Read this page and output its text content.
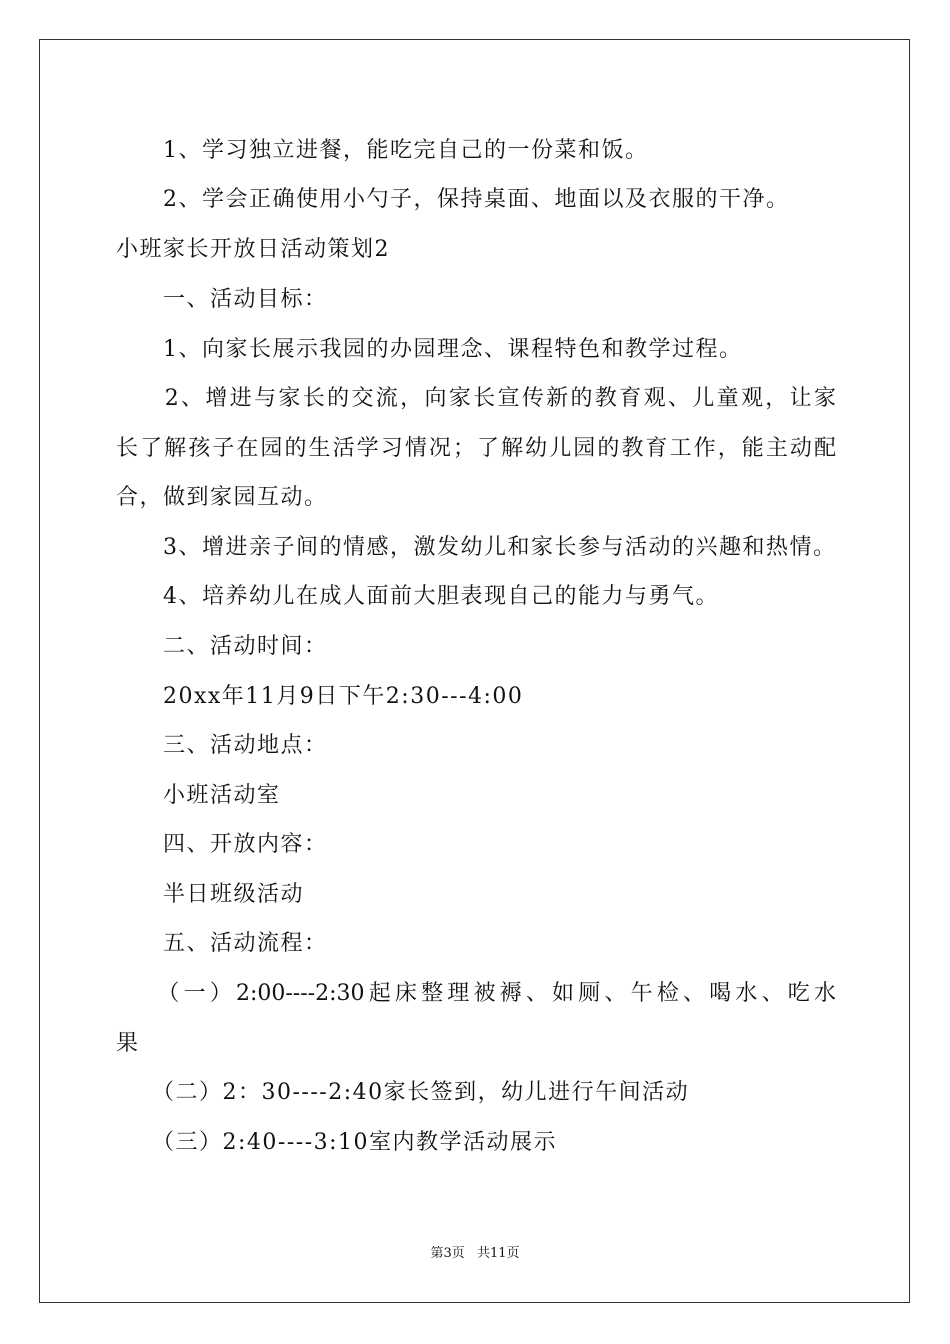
　　1、学习独立进餐，能吃完自己的一份菜和饭。
　　2、学会正确使用小勺子，保持桌面、地面以及衣服的干净。
小班家长开放日活动策划2
　　一、活动目标：
　　1、向家长展示我园的办园理念、课程特色和教学过程。
　　2、增进与家长的交流，向家长宣传新的教育观、儿童观，让家
长了解孩子在园的生活学习情况；了解幼儿园的教育工作，能主动配
合，做到家园互动。
　　3、增进亲子间的情感，激发幼儿和家长参与活动的兴趣和热情。
　　4、培养幼儿在成人面前大胆表现自己的能力与勇气。
　　二、活动时间：
　　20xx年11月9日下午2:30---4:00
　　三、活动地点：
　　小班活动室
　　四、开放内容：
　　半日班级活动
　　五、活动流程：
　　（一）2:00----2:30起床整理被褥、如厕、午检、喝水、吃水
果
　　（二）2：30----2:40家长签到，幼儿进行午间活动
　　（三）2:40----3:10室内教学活动展示
第3页 共11页
